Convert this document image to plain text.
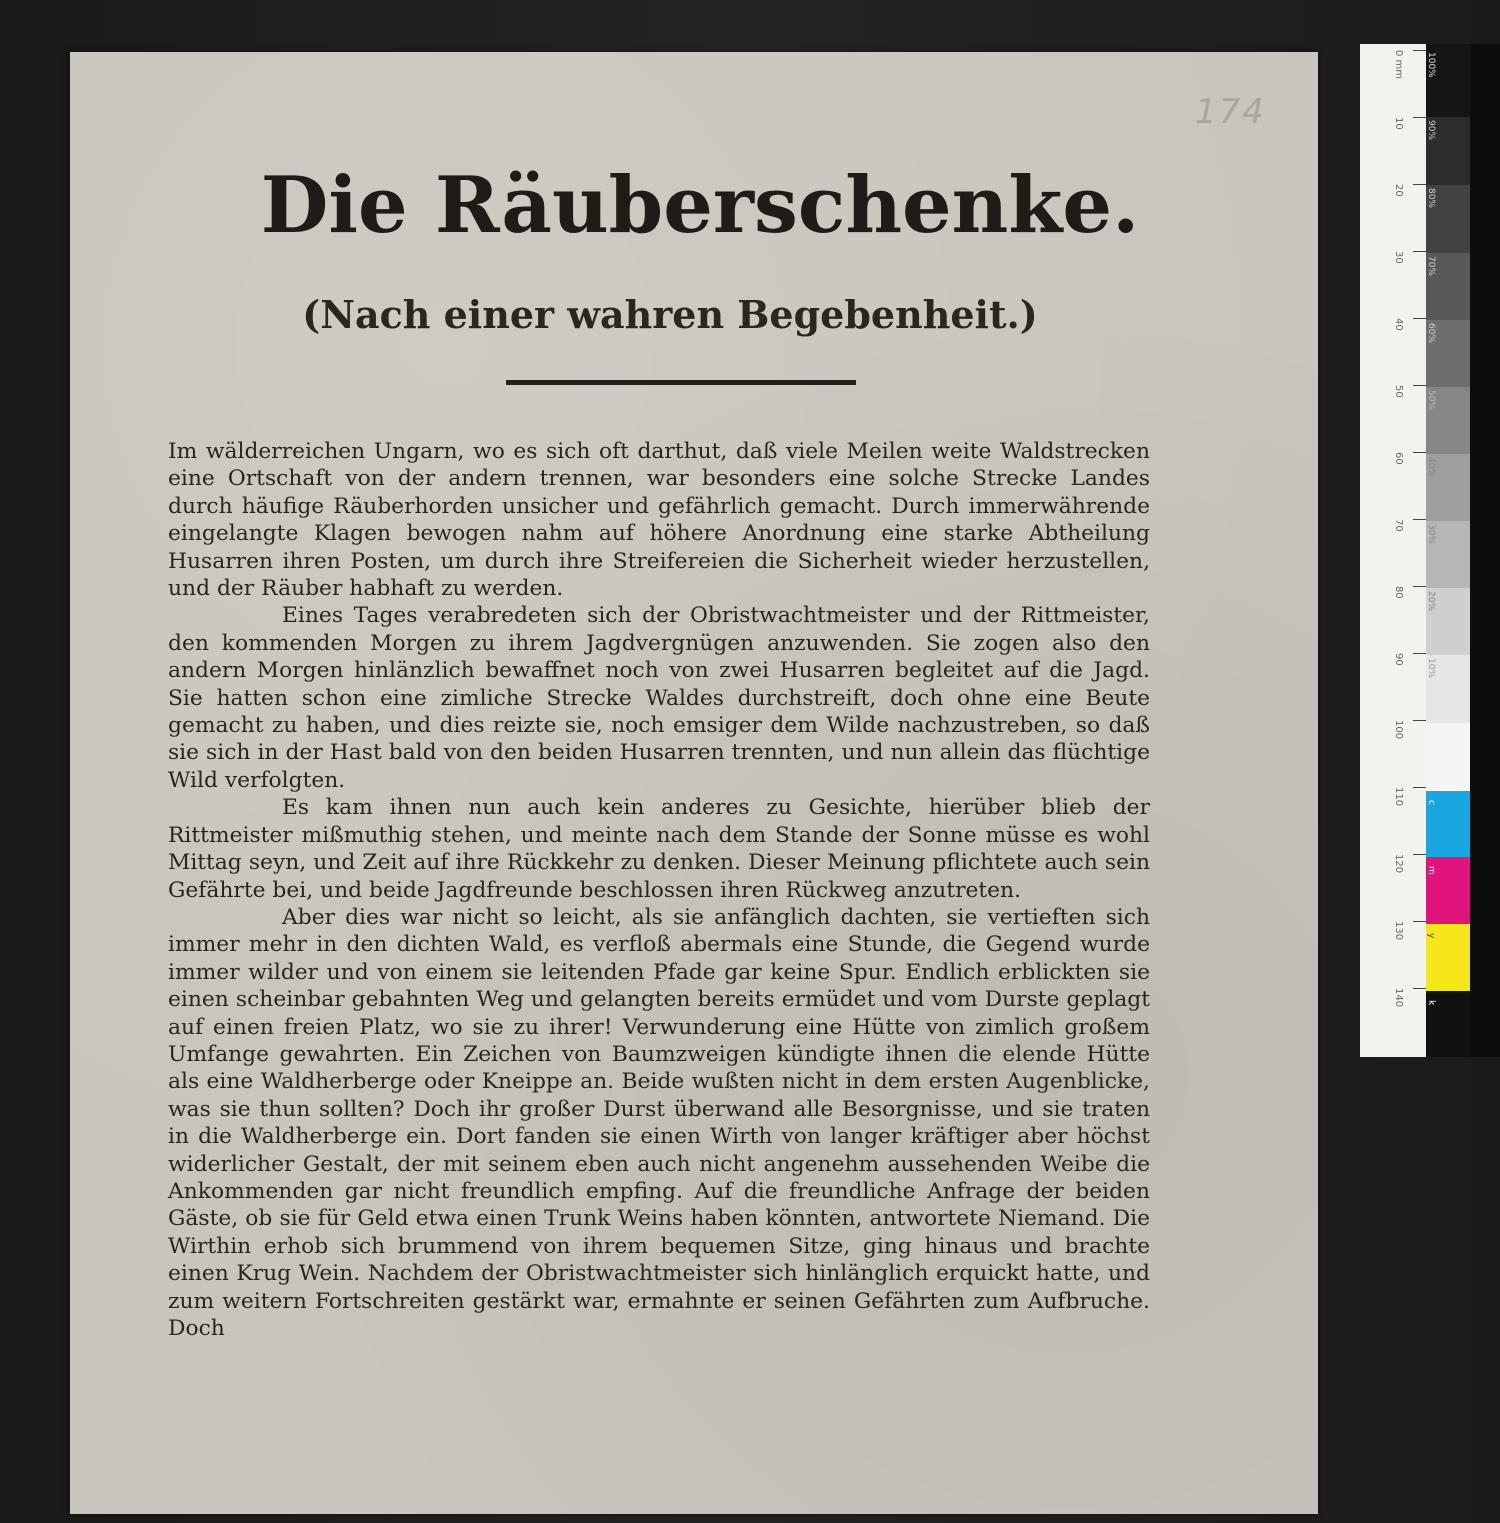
174
Die Räuberschenke.
(Nach einer wahren Begebenheit.)

Im wälderreichen Ungarn, wo es sich oft darthut, daß viele Meilen weite Waldstrecken eine Ortschaft von der andern trennen, war besonders eine solche Strecke Landes durch häufige Räuberhorden unsicher und gefährlich gemacht. Durch immerwährende eingelangte Klagen bewogen nahm auf höhere Anordnung eine starke Abtheilung Husarren ihren Posten, um durch ihre Streifereien die Sicherheit wieder herzustellen, und der Räuber habhaft zu werden.

Eines Tages verabredeten sich der Obristwachtmeister und der Rittmeister, den kommenden Morgen zu ihrem Jagdvergnügen anzuwenden. Sie zogen also den andern Morgen hinlänzlich bewaffnet noch von zwei Husarren begleitet auf die Jagd. Sie hatten schon eine zimliche Strecke Waldes durchstreift, doch ohne eine Beute gemacht zu haben, und dies reizte sie, noch emsiger dem Wilde nachzustreben, so daß sie sich in der Hast bald von den beiden Husarren trennten, und nun allein das flüchtige Wild verfolgten.

Es kam ihnen nun auch kein anderes zu Gesichte, hierüber blieb der Rittmeister mißmuthig stehen, und meinte nach dem Stande der Sonne müsse es wohl Mittag seyn, und Zeit auf ihre Rückkehr zu denken. Dieser Meinung pflichtete auch sein Gefährte bei, und beide Jagdfreunde beschlossen ihren Rückweg anzutreten.

Aber dies war nicht so leicht, als sie anfänglich dachten, sie vertieften sich immer mehr in den dichten Wald, es verfloß abermals eine Stunde, die Gegend wurde immer wilder und von einem sie leitenden Pfade gar keine Spur. Endlich erblickten sie einen scheinbar gebahnten Weg und gelangten bereits ermüdet und vom Durste geplagt auf einen freien Platz, wo sie zu ihrer! Verwunderung eine Hütte von zimlich großem Umfange gewahrten. Ein Zeichen von Baumzweigen kündigte ihnen die elende Hütte als eine Waldherberge oder Kneippe an. Beide wußten nicht in dem ersten Augenblicke, was sie thun sollten? Doch ihr großer Durst überwand alle Besorgnisse, und sie traten in die Waldherberge ein. Dort fanden sie einen Wirth von langer kräftiger aber höchst widerlicher Gestalt, der mit seinem eben auch nicht angenehm aussehenden Weibe die Ankommenden gar nicht freundlich empfing. Auf die freundliche Anfrage der beiden Gäste, ob sie für Geld etwa einen Trunk Weins haben könnten, antwortete Niemand. Die Wirthin erhob sich brummend von ihrem bequemen Sitze, ging hinaus und brachte einen Krug Wein. Nachdem der Obristwachtmeister sich hinlänglich erquickt hatte, und zum weitern Fortschreiten gestärkt war, ermahnte er seinen Gefährten zum Aufbruche. Doch

0 mm
10
20
30
40
50
60
70
80
90
100
110
120
130
140
100%
90%
80%
70%
60%
50%
40%
30%
20%
10%
c
m
y
k
